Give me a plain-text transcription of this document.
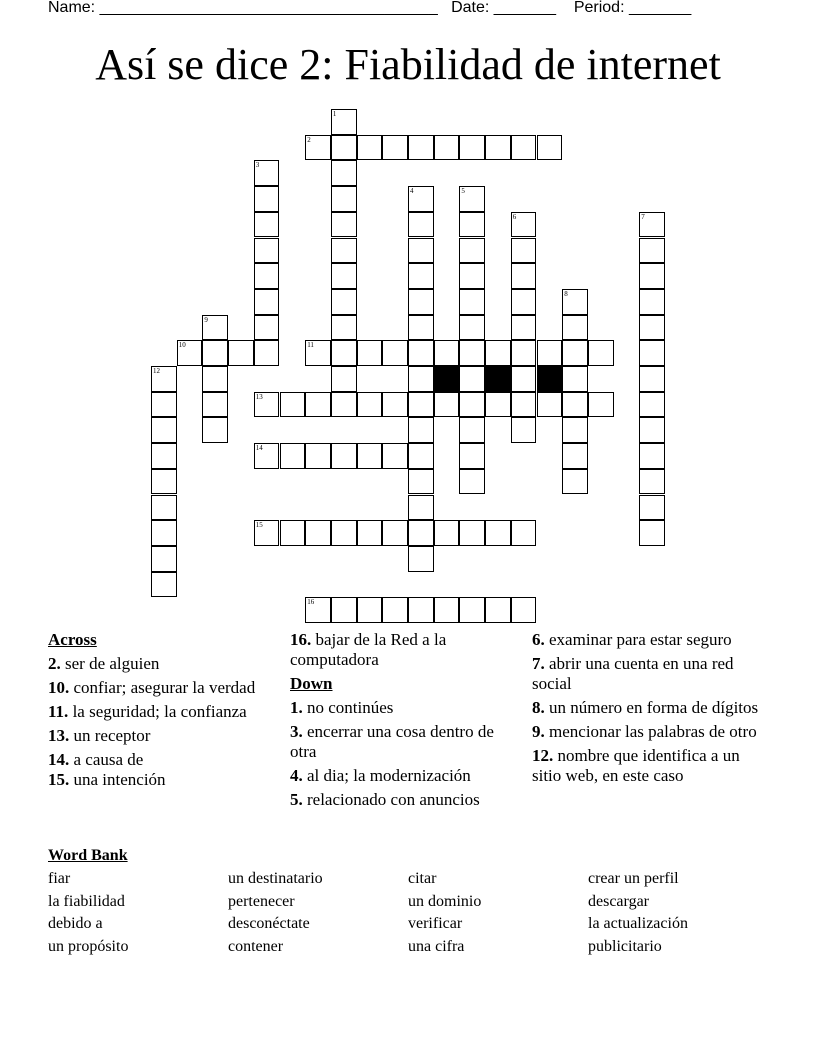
Name: ______________________________________ Date: _______ Period: _______
Así se dice 2: Fiabilidad de internet
1
2
3
4	5
6	7
8
9
10	11
12
13
14
15
16
Across
2. ser de alguien
10. confiar; asegurar la verdad
11. la seguridad; la confianza
13. un receptor
14. a causa de
15. una intención
16. bajar de la Red a la computadora
Down
1. no continúes
3. encerrar una cosa dentro de otra
4. al dia; la modernización
5. relacionado con anuncios
6. examinar para estar seguro
7. abrir una cuenta en una red social
8. un número en forma de dígitos
9. mencionar las palabras de otro
12. nombre que identifica a un sitio web, en este caso
Word Bank
fiar	un destinatario	citar	crear un perfil
la fiabilidad	pertenecer	un dominio	descargar
debido a	desconéctate	verificar	la actualización
un propósito	contener	una cifra	publicitario
